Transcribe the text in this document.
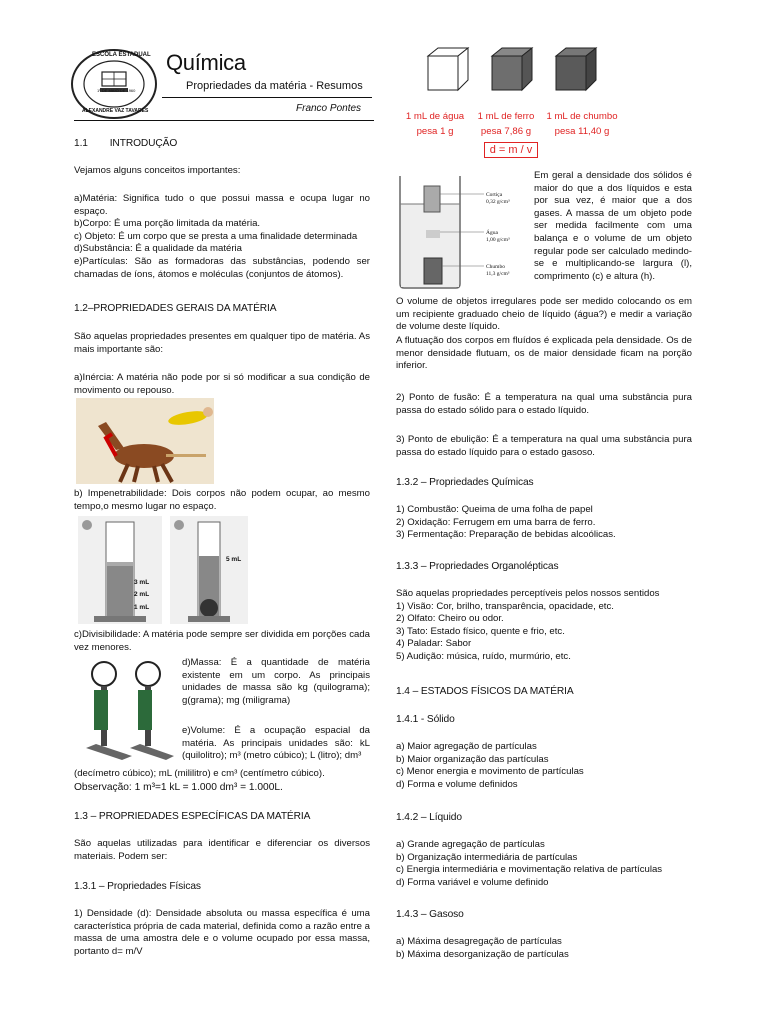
ESCOLA ESTADUAL
1º DE MAIO DE 1960
ALEXANDRE VAZ TAVARES
Química
Propriedades da matéria - Resumos
Franco Pontes
1.1        INTRODUÇÃO

Vejamos alguns conceitos importantes:

a)Matéria: Significa tudo o que possui massa e ocupa lugar no espaço.

b)Corpo: É uma porção limitada da matéria.

c) Objeto: É um corpo que se presta a uma finalidade determinada

d)Substância: É a qualidade da matéria

e)Partículas: São as formadoras das substâncias, podendo ser chamadas de íons, átomos e moléculas (conjuntos de átomos).

1.2–PROPRIEDADES GERAIS DA MATÉRIA

São aquelas propriedades presentes em qualquer tipo de matéria. As mais importante são:

a)Inércia: A matéria não pode por si só modificar a sua condição de movimento ou repouso.

b) Impenetrabilidade: Dois corpos não podem ocupar, ao mesmo tempo,o mesmo lugar no espaço.

3 mL
2 mL
1 mL
5 mL

c)Divisibilidade: A matéria pode sempre ser dividida em porções cada vez menores.

d)Massa: É a quantidade de matéria existente em um corpo. As principais unidades de massa são kg (quilograma); g(grama); mg (miligrama)

e)Volume: É a ocupação espacial da matéria. As principais unidades são: kL (quilolitro); m³ (metro cúbico); L (litro); dm³

(decímetro cúbico); mL (mililitro) e cm³ (centímetro cúbico).

Observação: 1 m³=1 kL = 1.000 dm³ = 1.000L.

1.3 – PROPRIEDADES ESPECÍFICAS DA MATÉRIA

São aquelas utilizadas para identificar e diferenciar os diversos materiais. Podem ser:

1.3.1 – Propriedades Físicas

1) Densidade (d): Densidade absoluta ou massa específica é uma característica própria de cada material, definida como a razão entre a massa de uma amostra dele e o volume ocupado por essa massa, portanto d= m/V

1 mL de água
pesa 1 g
1 mL de ferro
pesa 7,86 g
1 mL de chumbo
pesa 11,40 g
d = m / v
Cortiça
0,32 g/cm³
Água
1,00 g/cm³
Chumbo
11,3 g/cm³

Em geral a densidade dos sólidos é maior do que a dos líquidos e esta por sua vez, é maior que a dos gases. A massa de um objeto pode ser medida facilmente com uma balança e o volume de um objeto regular pode ser calculado medindo-se e multiplicando-se largura (l), comprimento (c) e altura (h).

O volume de objetos irregulares pode ser medido colocando os em um recipiente graduado cheio de líquido (água?) e medir a variação de volume deste líquido.

A flutuação dos corpos em fluídos é explicada pela densidade. Os de menor densidade flutuam, os de maior densidade ficam na porção inferior.

2) Ponto de fusão: É a temperatura na qual uma substância pura passa do estado sólido para o estado líquido.

3) Ponto de ebulição: É a temperatura na qual uma substância pura passa do estado líquido para o estado gasoso.

1.3.2 – Propriedades Químicas

1) Combustão: Queima de uma folha de papel

2) Oxidação: Ferrugem em uma barra de ferro.

3) Fermentação: Preparação de bebidas alcoólicas.

1.3.3 – Propriedades Organolépticas

São aquelas propriedades perceptíveis pelos nossos sentidos

1) Visão: Cor, brilho, transparência, opacidade, etc.

2) Olfato: Cheiro ou odor.

3) Tato: Estado físico, quente e frio, etc.

4) Paladar: Sabor

5) Audição: música, ruído, murmúrio, etc.

1.4 – ESTADOS FÍSICOS DA MATÉRIA
1.4.1 - Sólido

a) Maior agregação de partículas

b) Maior organização das partículas

c) Menor energia e movimento de partículas

d) Forma e volume definidos

1.4.2 – Líquido

a) Grande agregação de partículas

b) Organização intermediária de partículas

c) Energia intermediária e movimentação relativa de partículas

d) Forma variável e volume definido

1.4.3 – Gasoso

a) Máxima desagregação de partículas

b) Máxima desorganização de partículas
